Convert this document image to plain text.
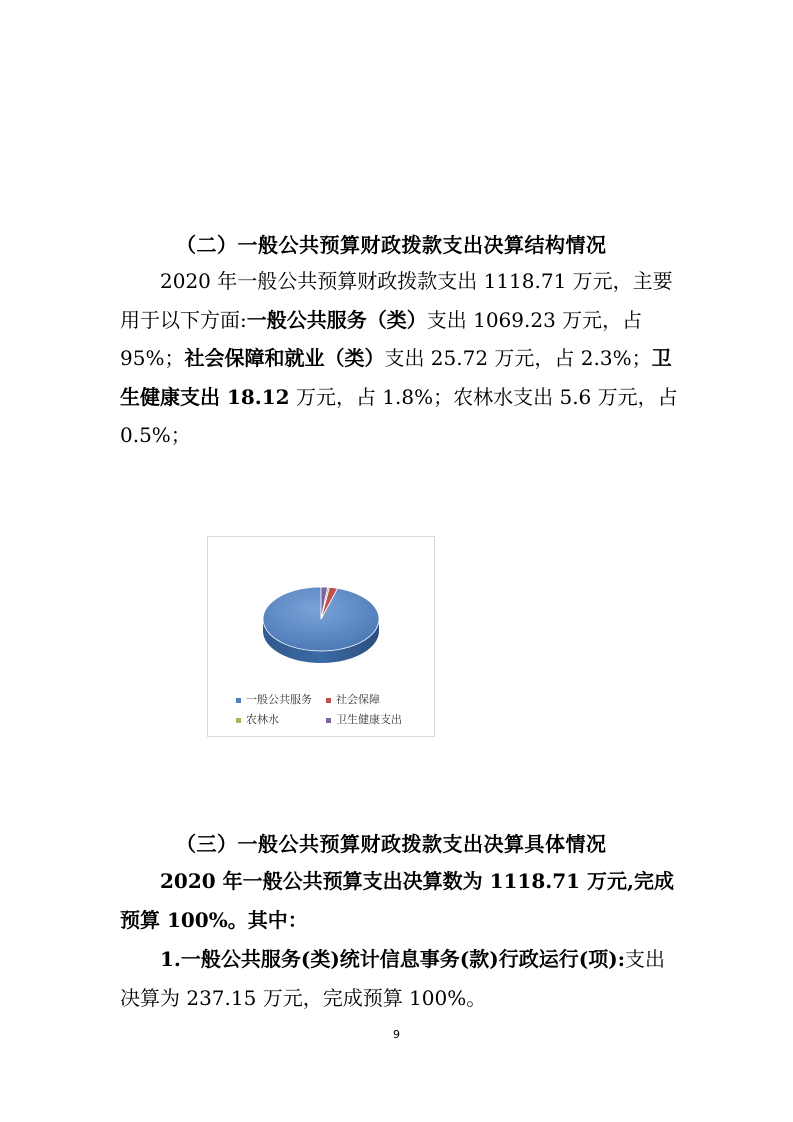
（二）一般公共预算财政拨款支出决算结构情况

2020 年一般公共预算财政拨款支出 1118.71 万元，主要用于以下方面:一般公共服务（类）支出 1069.23 万元，占 95%；社会保障和就业（类）支出 25.72 万元，占 2.3%；卫生健康支出 18.12 万元，占 1.8%；农林水支出 5.6 万元，占 0.5%；

一般公共服务	社会保障
农林水	卫生健康支出
（三）一般公共预算财政拨款支出决算具体情况

2020 年一般公共预算支出决算数为 1118.71 万元,完成预算 100%。其中：

1.一般公共服务(类)统计信息事务(款)行政运行(项):支出决算为 237.15 万元，完成预算 100%。

9
